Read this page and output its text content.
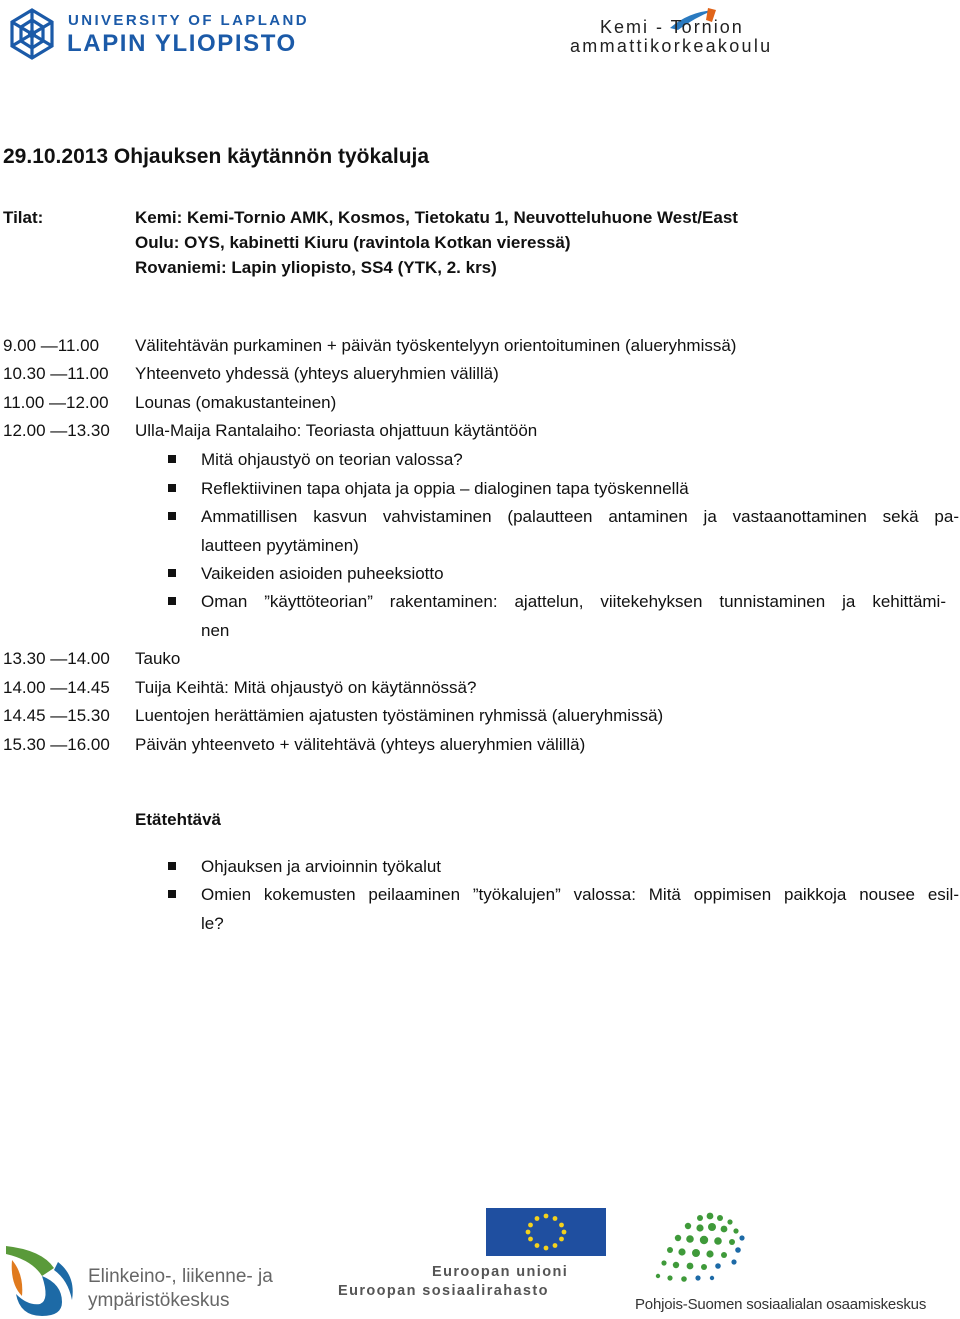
UNIVERSITY OF LAPLAND
LAPIN YLIOPISTO
Kemi - Tornion
ammattikorkeakoulu
29.10.2013 Ohjauksen käytännön työkaluja
Tilat:	Kemi: Kemi-Tornio AMK, Kosmos, Tietokatu 1, Neuvotteluhuone West/East
Oulu: OYS, kabinetti Kiuru (ravintola Kotkan vieressä)
Rovaniemi: Lapin yliopisto, SS4 (YTK, 2. krs)
9.00 —11.00 Välitehtävän purkaminen + päivän työskentelyyn orientoituminen (alueryhmissä)
10.30 —11.00 Yhteenveto yhdessä (yhteys alueryhmien välillä)
11.00 —12.00 Lounas (omakustanteinen)
12.00 —13.30 Ulla-Maija Rantalaiho: Teoriasta ohjattuun käytäntöön
Mitä ohjaustyö on teorian valossa?
Reflektiivinen tapa ohjata ja oppia – dialoginen tapa työskennellä
Ammatillisen kasvun vahvistaminen (palautteen antaminen ja vastaanottaminen sekä pa-
lautteen pyytäminen)
Vaikeiden asioiden puheeksiotto
Oman ”käyttöteorian” rakentaminen: ajattelun, viitekehyksen tunnistaminen ja kehittämi-
nen
13.30 —14.00 Tauko
14.00 —14.45 Tuija Keihtä: Mitä ohjaustyö on käytännössä?
14.45 —15.30 Luentojen herättämien ajatusten työstäminen ryhmissä (alueryhmissä)
15.30 —16.00 Päivän yhteenveto + välitehtävä (yhteys alueryhmien välillä)
Etätehtävä
Ohjauksen ja arvioinnin työkalut
Omien kokemusten peilaaminen ”työkalujen” valossa: Mitä oppimisen paikkoja nousee esil-
le?
Elinkeino-, liikenne- ja
ympäristökeskus
Euroopan unioni
Euroopan sosiaalirahasto
Pohjois-Suomen sosiaalialan osaamiskeskus
